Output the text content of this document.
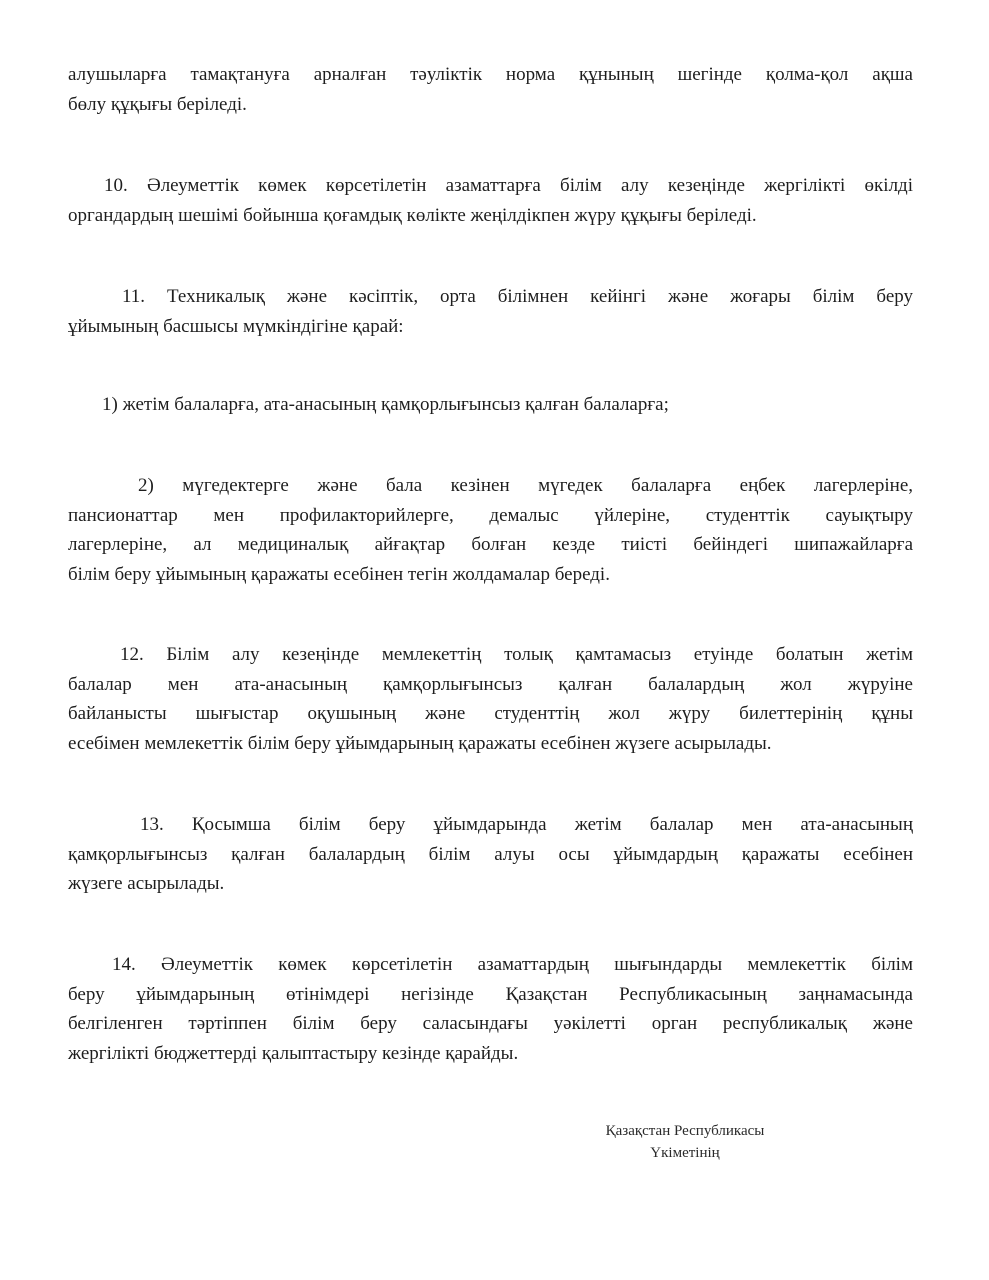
алушыларға тамақтануға арналған тәуліктік норма құнының шегінде қолма-қол ақша
бөлу құқығы беріледі.

10. Әлеуметтік көмек көрсетілетін азаматтарға білім алу кезеңінде жергілікті өкілді
органдардың шешімі бойынша қоғамдық көлікте жеңілдікпен жүру құқығы беріледі.

11. Техникалық және кәсіптік, орта білімнен кейінгі және жоғары білім беру
ұйымының басшысы мүмкіндігіне қарай:

1) жетім балаларға, ата-анасының қамқорлығынсыз қалған балаларға;

2) мүгедектерге және бала кезінен мүгедек балаларға еңбек лагерлеріне,
пансионаттар мен профилакторийлерге, демалыс үйлеріне, студенттік сауықтыру
лагерлеріне, ал медициналық айғақтар болған кезде тиісті бейіндегі шипажайларға
білім беру ұйымының қаражаты есебінен тегін жолдамалар береді.

12. Білім алу кезеңінде мемлекеттің толық қамтамасыз етуінде болатын жетім
балалар мен ата-анасының қамқорлығынсыз қалған балалардың жол жүруіне
байланысты шығыстар оқушының және студенттің жол жүру билеттерінің құны
есебімен мемлекеттік білім беру ұйымдарының қаражаты есебінен жүзеге асырылады.

13. Қосымша білім беру ұйымдарында жетім балалар мен ата-анасының
қамқорлығынсыз қалған балалардың білім алуы осы ұйымдардың қаражаты есебінен
жүзеге асырылады.

14. Әлеуметтік көмек көрсетілетін азаматтардың шығындарды мемлекеттік білім
беру ұйымдарының өтінімдері негізінде Қазақстан Республикасының заңнамасында
белгіленген тәртіппен білім беру саласындағы уәкілетті орган республикалық және
жергілікті бюджеттерді қалыптастыру кезінде қарайды.

Қазақстан Республикасы
Үкіметінің
